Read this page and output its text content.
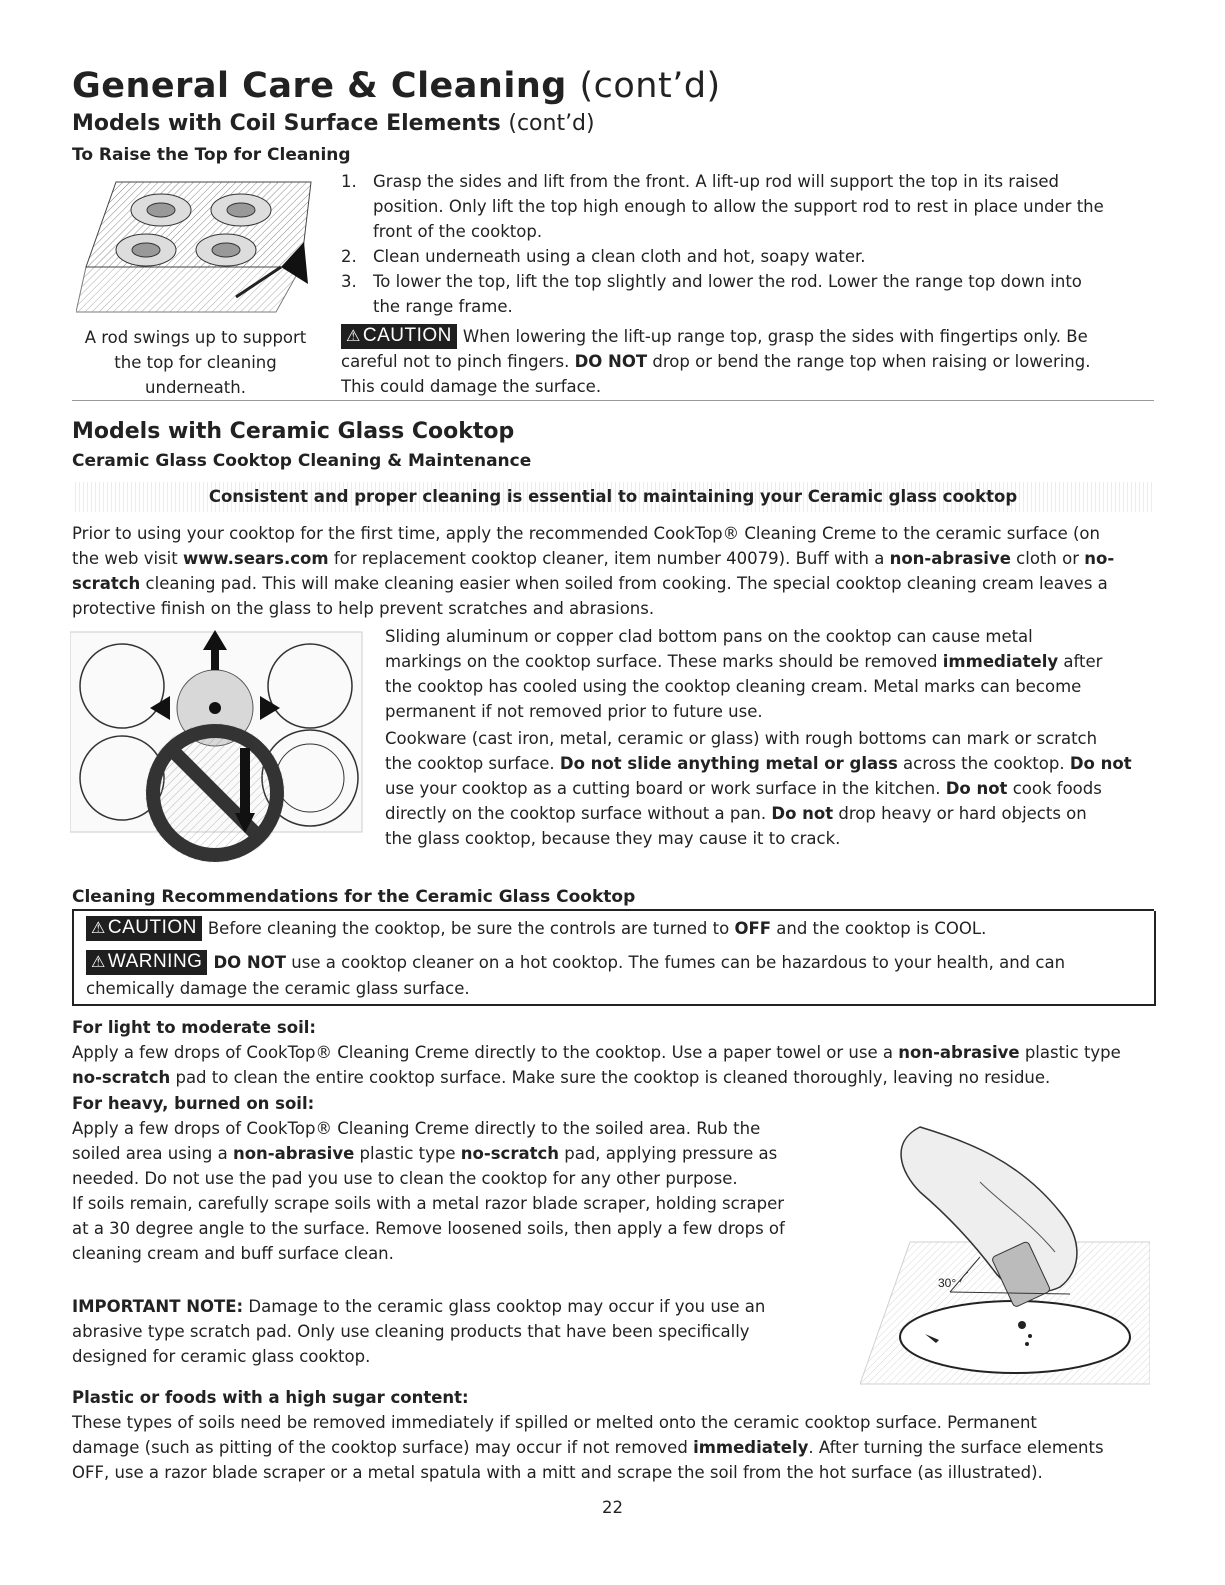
General Care & Cleaning (cont’d)
Models with Coil Surface Elements (cont’d)
To Raise the Top for Cleaning
A rod swings up to support
the top for cleaning
underneath.
1. Grasp the sides and lift from the front. A lift-up rod will support the top in its raised
position. Only lift the top high enough to allow the support rod to rest in place under the
front of the cooktop.
2. Clean underneath using a clean cloth and hot, soapy water.
3. To lower the top, lift the top slightly and lower the rod. Lower the range top down into
the range frame.
⚠ CAUTION When lowering the lift-up range top, grasp the sides with fingertips only. Be
careful not to pinch fingers. DO NOT drop or bend the range top when raising or lowering.
This could damage the surface.
Models with Ceramic Glass Cooktop
Ceramic Glass Cooktop Cleaning & Maintenance
Consistent and proper cleaning is essential to maintaining your Ceramic glass cooktop
Prior to using your cooktop for the first time, apply the recommended CookTop® Cleaning Creme to the ceramic surface (on
the web visit www.sears.com for replacement cooktop cleaner, item number 40079). Buff with a non-abrasive cloth or no-
scratch cleaning pad. This will make cleaning easier when soiled from cooking. The special cooktop cleaning cream leaves a
protective finish on the glass to help prevent scratches and abrasions.
Sliding aluminum or copper clad bottom pans on the cooktop can cause metal
markings on the cooktop surface. These marks should be removed immediately after
the cooktop has cooled using the cooktop cleaning cream. Metal marks can become
permanent if not removed prior to future use.
Cookware (cast iron, metal, ceramic or glass) with rough bottoms can mark or scratch
the cooktop surface. Do not slide anything metal or glass across the cooktop. Do not
use your cooktop as a cutting board or work surface in the kitchen. Do not cook foods
directly on the cooktop surface without a pan. Do not drop heavy or hard objects on
the glass cooktop, because they may cause it to crack.
Cleaning Recommendations for the Ceramic Glass Cooktop
⚠ CAUTION Before cleaning the cooktop, be sure the controls are turned to OFF and the cooktop is COOL.
⚠ WARNING DO NOT use a cooktop cleaner on a hot cooktop. The fumes can be hazardous to your health, and can
chemically damage the ceramic glass surface.
For light to moderate soil:
Apply a few drops of CookTop® Cleaning Creme directly to the cooktop. Use a paper towel or use a non-abrasive plastic type
no-scratch pad to clean the entire cooktop surface. Make sure the cooktop is cleaned thoroughly, leaving no residue.
For heavy, burned on soil:
Apply a few drops of CookTop® Cleaning Creme directly to the soiled area. Rub the
soiled area using a non-abrasive plastic type no-scratch pad, applying pressure as
needed. Do not use the pad you use to clean the cooktop for any other purpose.
If soils remain, carefully scrape soils with a metal razor blade scraper, holding scraper
at a 30 degree angle to the surface. Remove loosened soils, then apply a few drops of
cleaning cream and buff surface clean.
IMPORTANT NOTE: Damage to the ceramic glass cooktop may occur if you use an
abrasive type scratch pad. Only use cleaning products that have been specifically
designed for ceramic glass cooktop.
30°
Plastic or foods with a high sugar content:
These types of soils need be removed immediately if spilled or melted onto the ceramic cooktop surface. Permanent
damage (such as pitting of the cooktop surface) may occur if not removed immediately. After turning the surface elements
OFF, use a razor blade scraper or a metal spatula with a mitt and scrape the soil from the hot surface (as illustrated).
22
